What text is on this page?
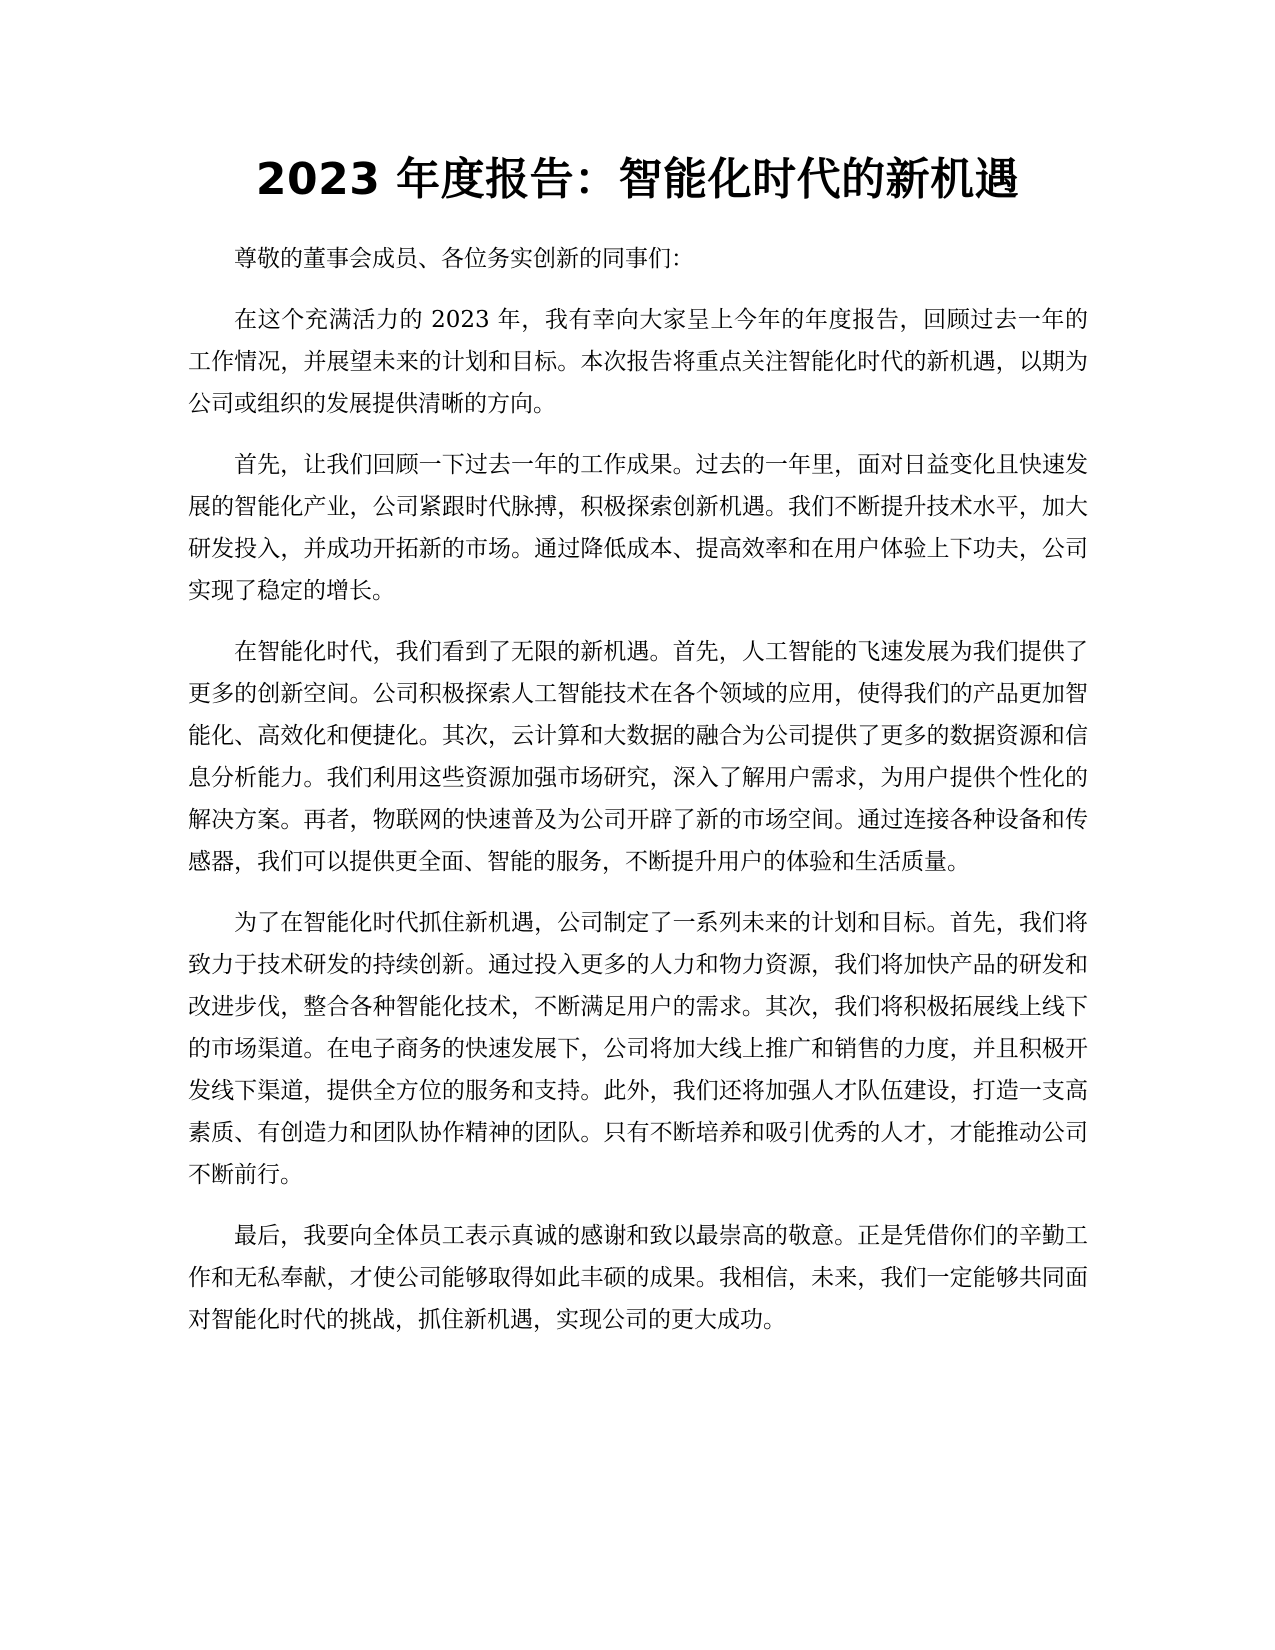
2023 年度报告：智能化时代的新机遇

尊敬的董事会成员、各位务实创新的同事们：

在这个充满活力的 2023 年，我有幸向大家呈上今年的年度报告，回顾过去一年的工作情况，并展望未来的计划和目标。本次报告将重点关注智能化时代的新机遇，以期为公司或组织的发展提供清晰的方向。

首先，让我们回顾一下过去一年的工作成果。过去的一年里，面对日益变化且快速发展的智能化产业，公司紧跟时代脉搏，积极探索创新机遇。我们不断提升技术水平，加大研发投入，并成功开拓新的市场。通过降低成本、提高效率和在用户体验上下功夫，公司实现了稳定的增长。

在智能化时代，我们看到了无限的新机遇。首先，人工智能的飞速发展为我们提供了更多的创新空间。公司积极探索人工智能技术在各个领域的应用，使得我们的产品更加智能化、高效化和便捷化。其次，云计算和大数据的融合为公司提供了更多的数据资源和信息分析能力。我们利用这些资源加强市场研究，深入了解用户需求，为用户提供个性化的解决方案。再者，物联网的快速普及为公司开辟了新的市场空间。通过连接各种设备和传感器，我们可以提供更全面、智能的服务，不断提升用户的体验和生活质量。

为了在智能化时代抓住新机遇，公司制定了一系列未来的计划和目标。首先，我们将致力于技术研发的持续创新。通过投入更多的人力和物力资源，我们将加快产品的研发和改进步伐，整合各种智能化技术，不断满足用户的需求。其次，我们将积极拓展线上线下的市场渠道。在电子商务的快速发展下，公司将加大线上推广和销售的力度，并且积极开发线下渠道，提供全方位的服务和支持。此外，我们还将加强人才队伍建设，打造一支高素质、有创造力和团队协作精神的团队。只有不断培养和吸引优秀的人才，才能推动公司不断前行。

最后，我要向全体员工表示真诚的感谢和致以最崇高的敬意。正是凭借你们的辛勤工作和无私奉献，才使公司能够取得如此丰硕的成果。我相信，未来，我们一定能够共同面对智能化时代的挑战，抓住新机遇，实现公司的更大成功。
